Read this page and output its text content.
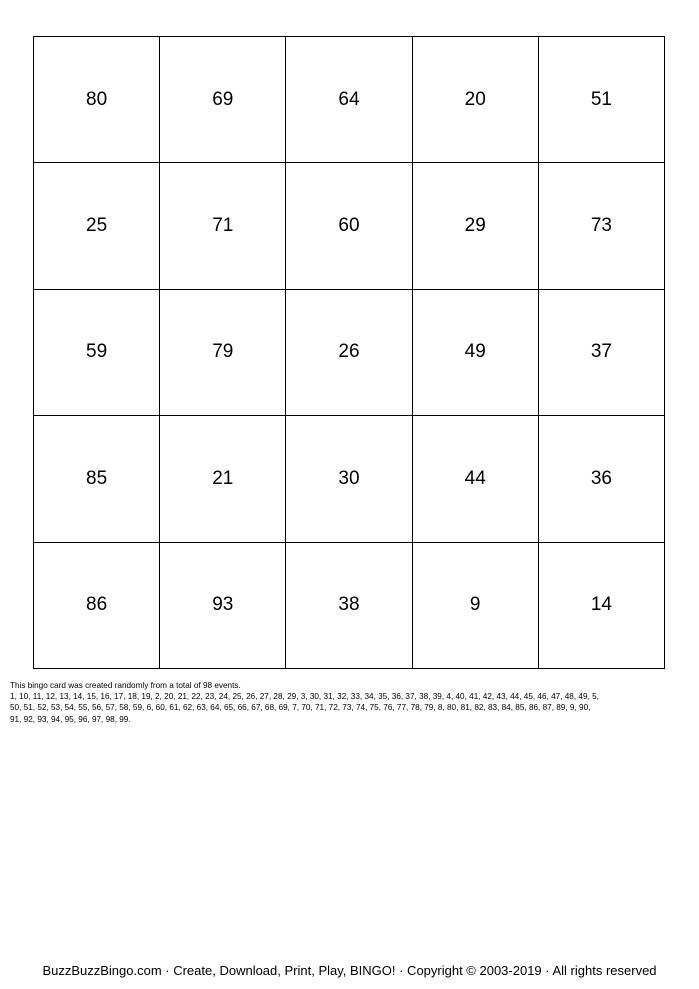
80	69	64	20	51
25	71	60	29	73
59	79	26	49	37
85	21	30	44	36
86	93	38	9	14

This bingo card was created randomly from a total of 98 events.

1, 10, 11, 12, 13, 14, 15, 16, 17, 18, 19, 2, 20, 21, 22, 23, 24, 25, 26, 27, 28, 29, 3, 30, 31, 32, 33, 34, 35, 36, 37, 38, 39, 4, 40, 41, 42, 43, 44, 45, 46, 47, 48, 49, 5,

50, 51, 52, 53, 54, 55, 56, 57, 58, 59, 6, 60, 61, 62, 63, 64, 65, 66, 67, 68, 69, 7, 70, 71, 72, 73, 74, 75, 76, 77, 78, 79, 8, 80, 81, 82, 83, 84, 85, 86, 87, 89, 9, 90,

91, 92, 93, 94, 95, 96, 97, 98, 99.

BuzzBuzzBingo.com · Create, Download, Print, Play, BINGO! · Copyright © 2003-2019 · All rights reserved
